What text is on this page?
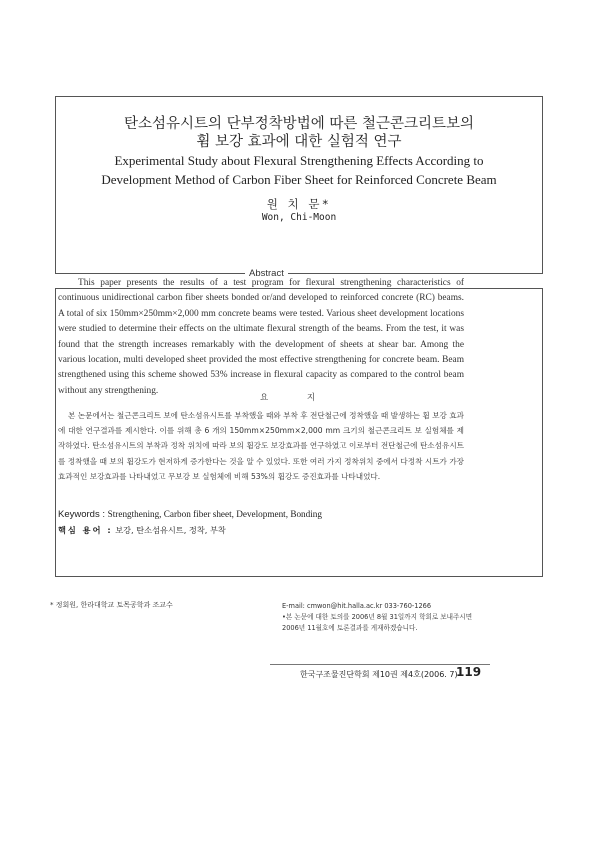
탄소섬유시트의 단부정착방법에 따른 철근콘크리트보의
휨 보강 효과에 대한 실험적 연구
Experimental Study about Flexural Strengthening Effects According to
Development Method of Carbon Fiber Sheet for Reinforced Concrete Beam
원 치 문*
Won, Chi-Moon
Abstract

This paper presents the results of a test program for flexural strengthening characteristics of continuous unidirectional carbon fiber sheets bonded or/and developed to reinforced concrete (RC) beams. A total of six 150mm×250mm×2,000 mm concrete beams were tested. Various sheet development locations were studied to determine their effects on the ultimate flexural strength of the beams. From the test, it was found that the strength increases remarkably with the development of sheets at shear bar. Among the various location, multi developed sheet provided the most effective strengthening for concrete beam. Beam strengthened using this scheme showed 53% increase in flexural capacity as compared to the control beam without any strengthening.

요 지

본 논문에서는 철근콘크리트 보에 탄소섬유시트를 부착했을 때와 부착 후 전단철근에 정착했을 때 발생하는 휨 보강 효과에 대한 연구결과를 제시한다. 이를 위해 총 6 개의 150mm×250mm×2,000 mm 크기의 철근콘크리트 보 실험체를 제작하였다. 탄소섬유시트의 부착과 정착 위치에 따라 보의 휨강도 보강효과를 연구하였고 이로부터 전단철근에 탄소섬유시트를 정착했을 때 보의 휨강도가 현저하게 증가한다는 것을 알 수 있었다. 또한 여러 가지 정착위치 중에서 다정착 시트가 가장 효과적인 보강효과를 나타내었고 무보강 보 실험체에 비해 53%의 휨강도 증진효과를 나타내었다.

Keywords : Strengthening, Carbon fiber sheet, Development, Bonding
핵심 용어 : 보강, 탄소섬유시트, 정착, 부착
* 정회원, 한라대학교 토목공학과 조교수	E-mail: cmwon@hit.halla.ac.kr 033-760-1266
•본 논문에 대한 토의를 2006년 8월 31일까지 학회로 보내주시면 2006년 11월호에 토론결과를 게재하겠습니다.
한국구조물진단학회 제10권 제4호(2006. 7)
119
